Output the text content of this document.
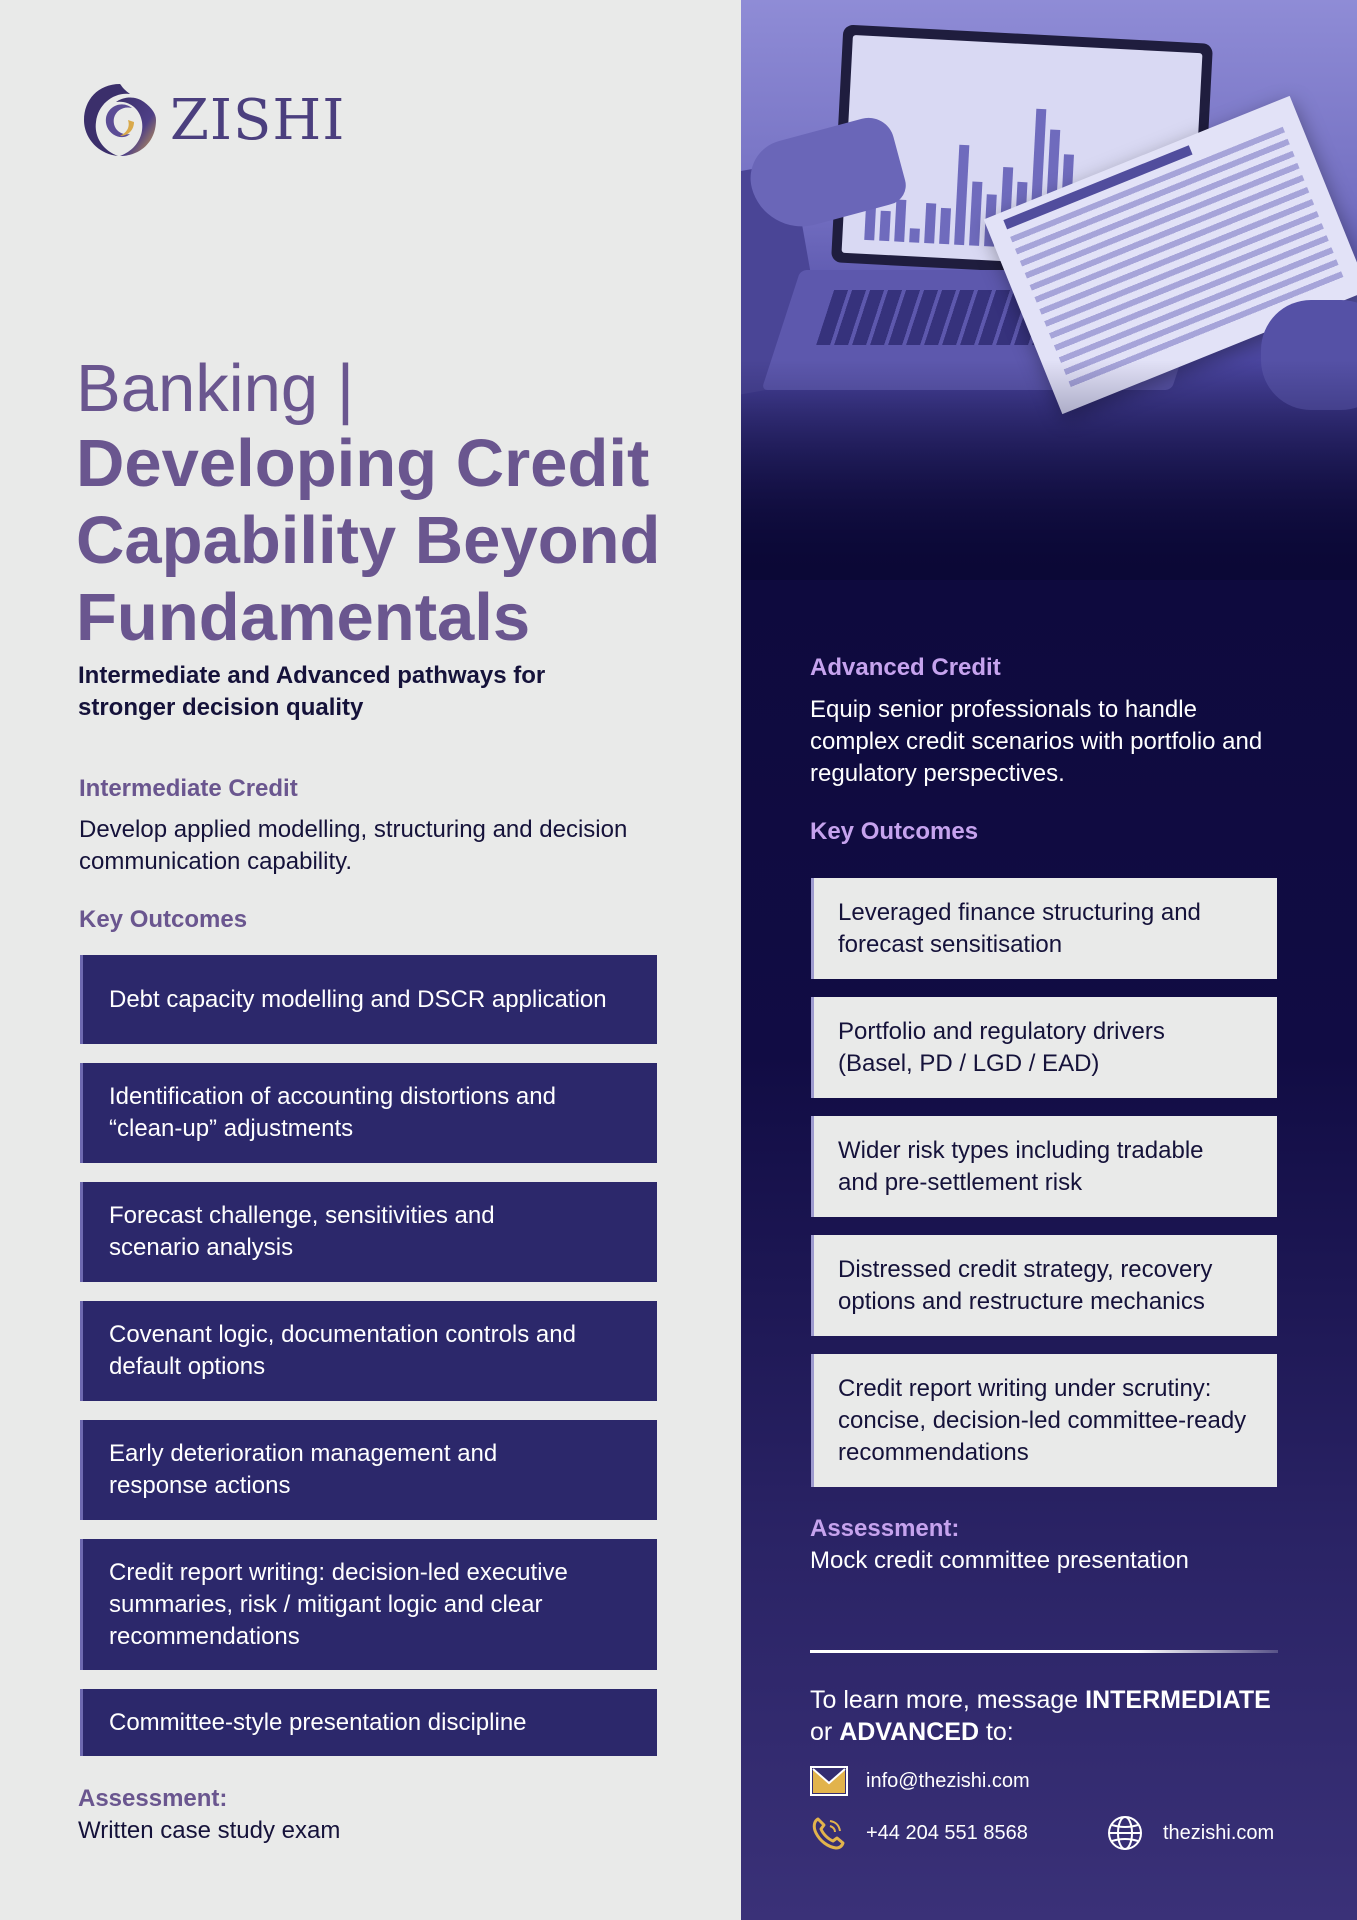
ZISHI
Banking |
Developing Credit Capability Beyond Fundamentals
Intermediate and Advanced pathways for stronger decision quality
Intermediate Credit
Develop applied modelling, structuring and decision communication capability.
Key Outcomes
Debt capacity modelling and DSCR application
Identification of accounting distortions and “clean-up” adjustments
Forecast challenge, sensitivities and scenario analysis
Covenant logic, documentation controls and default options
Early deterioration management and response actions
Credit report writing: decision-led executive summaries, risk / mitigant logic and clear recommendations
Committee-style presentation discipline
Assessment:
Written case study exam
Advanced Credit
Equip senior professionals to handle complex credit scenarios with portfolio and regulatory perspectives.
Key Outcomes
Leveraged finance structuring and forecast sensitisation
Portfolio and regulatory drivers (Basel, PD / LGD / EAD)
Wider risk types including tradable and pre-settlement risk
Distressed credit strategy, recovery options and restructure mechanics
Credit report writing under scrutiny: concise, decision-led committee-ready recommendations
Assessment:
Mock credit committee presentation
To learn more, message INTERMEDIATE or ADVANCED to:
info@thezishi.com
+44 204 551 8568	thezishi.com
